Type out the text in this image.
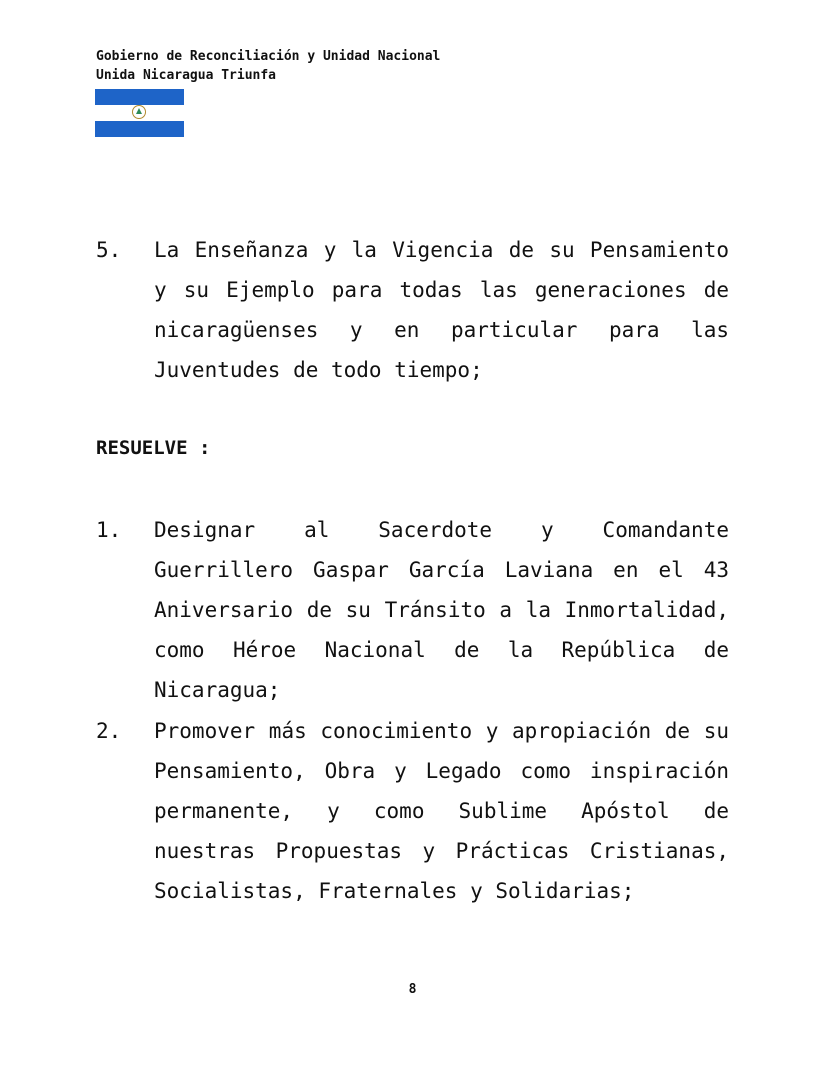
Gobierno de Reconciliación y Unidad Nacional
Unida Nicaragua Triunfa
5.	La Enseñanza y la Vigencia de su Pensamiento y su Ejemplo para todas las generaciones de nicaragüenses y en particular para las Juventudes de todo tiempo;
RESUELVE :
1.	Designar al Sacerdote y Comandante Guerrillero Gaspar García Laviana en el 43 Aniversario de su Tránsito a la Inmortalidad, como Héroe Nacional de la República de Nicaragua;
2.	Promover más conocimiento y apropiación de su Pensamiento, Obra y Legado como inspiración permanente, y como Sublime Apóstol de nuestras Propuestas y Prácticas Cristianas, Socialistas, Fraternales y Solidarias;
8
